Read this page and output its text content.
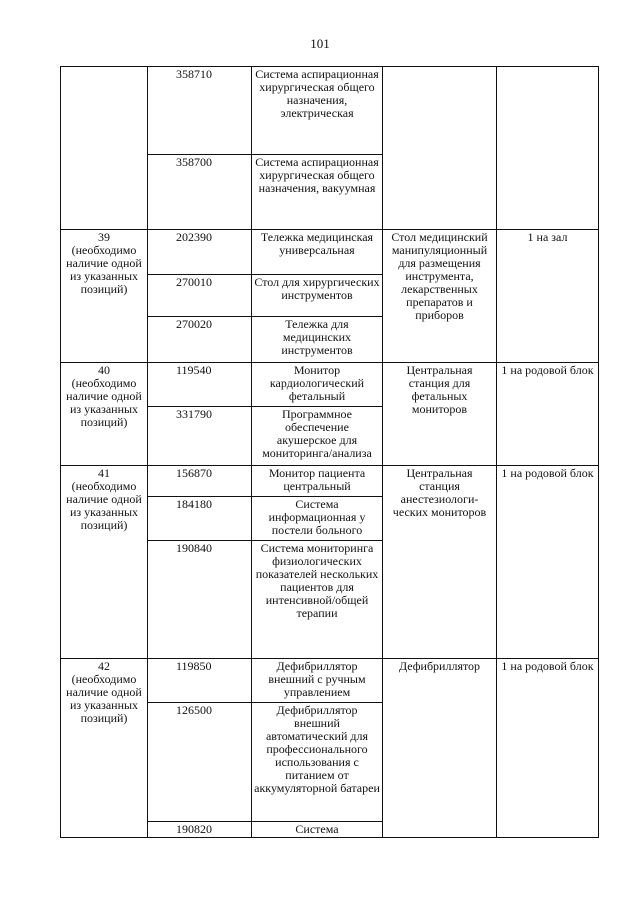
101
	358710	Система аспирационная хирургическая общего назначения, электрическая		
	358700	Система аспирационная хирургическая общего назначения, вакуумная		

39
(необходимо наличие одной из указанных позиций)	202390	Тележка медицинская универсальная	Стол медицинский манипуляционный для размещения инструмента, лекарственных препаратов и приборов	1 на зал
	270010	Стол для хирургических инструментов		
	270020	Тележка для медицинских инструментов		

40
(необходимо наличие одной из указанных позиций)	119540	Монитор кардиологический фетальный	Центральная станция для фетальных мониторов	1 на родовой блок
	331790	Программное обеспечение акушерское для мониторинга/анализа		

41
(необходимо наличие одной из указанных позиций)	156870	Монитор пациента центральный	Центральная станция анестезиологи-ческих мониторов	1 на родовой блок
	184180	Система информационная у постели больного		
	190840	Система мониторинга физиологических показателей нескольких пациентов для интенсивной/общей терапии		

42
(необходимо наличие одной из указанных позиций)	119850	Дефибриллятор внешний с ручным управлением	Дефибриллятор	1 на родовой блок
	126500	Дефибриллятор внешний автоматический для профессионального использования с питанием от аккумуляторной батареи		
	190820	Система		
